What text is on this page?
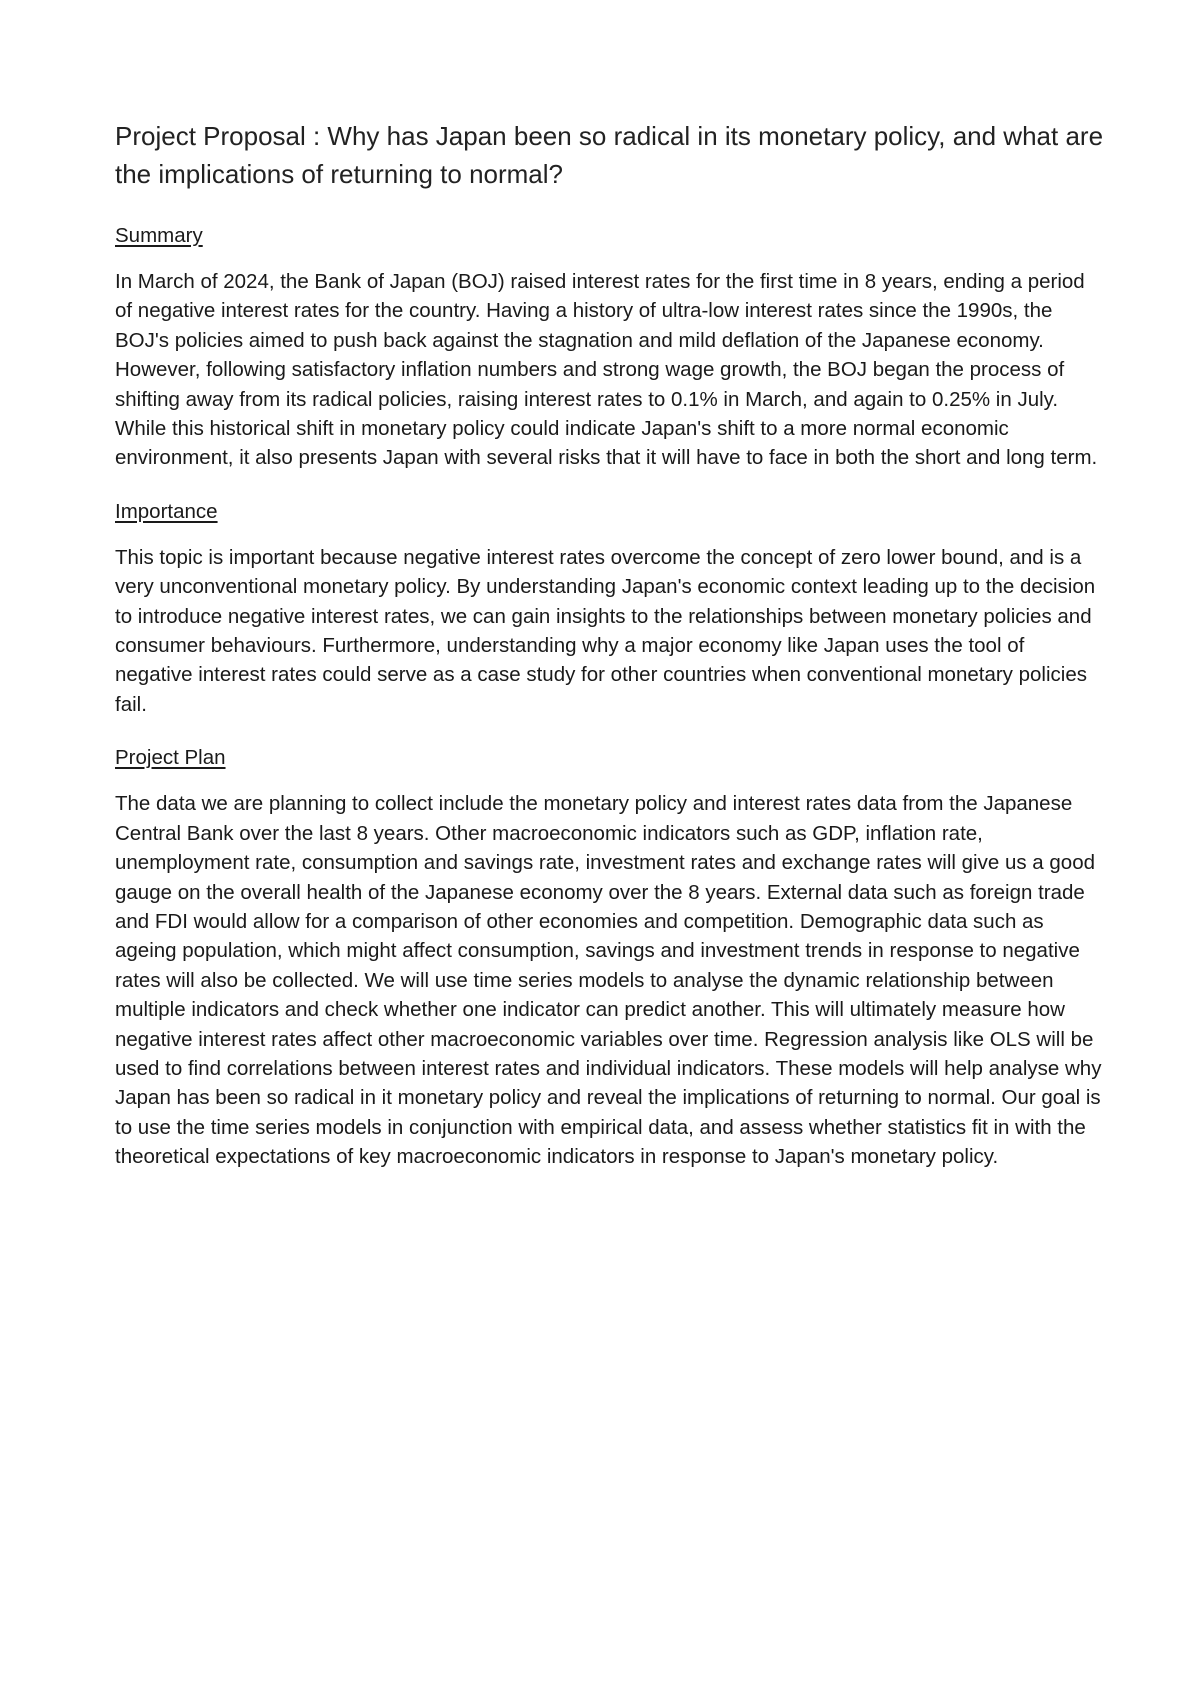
Project Proposal : Why has Japan been so radical in its monetary policy, and what are the implications of returning to normal?
Summary

In March of 2024, the Bank of Japan (BOJ) raised interest rates for the first time in 8 years, ending a period of negative interest rates for the country. Having a history of ultra-low interest rates since the 1990s, the BOJ's policies aimed to push back against the stagnation and mild deflation of the Japanese economy. However, following satisfactory inflation numbers and strong wage growth, the BOJ began the process of shifting away from its radical policies, raising interest rates to 0.1% in March, and again to 0.25% in July. While this historical shift in monetary policy could indicate Japan's shift to a more normal economic environment, it also presents Japan with several risks that it will have to face in both the short and long term.

Importance

This topic is important because negative interest rates overcome the concept of zero lower bound, and is a very unconventional monetary policy. By understanding Japan's economic context leading up to the decision to introduce negative interest rates, we can gain insights to the relationships between monetary policies and consumer behaviours. Furthermore, understanding why a major economy like Japan uses the tool of negative interest rates could serve as a case study for other countries when conventional monetary policies fail.

Project Plan

The data we are planning to collect include the monetary policy and interest rates data from the Japanese Central Bank over the last 8 years. Other macroeconomic indicators such as GDP, inflation rate, unemployment rate, consumption and savings rate, investment rates and exchange rates will give us a good gauge on the overall health of the Japanese economy over the 8 years. External data such as foreign trade and FDI would allow for a comparison of other economies and competition. Demographic data such as ageing population, which might affect consumption, savings and investment trends in response to negative rates will also be collected. We will use time series models to analyse the dynamic relationship between multiple indicators and check whether one indicator can predict another. This will ultimately measure how negative interest rates affect other macroeconomic variables over time. Regression analysis like OLS will be used to find correlations between interest rates and individual indicators. These models will help analyse why Japan has been so radical in it monetary policy and reveal the implications of returning to normal. Our goal is to use the time series models in conjunction with empirical data, and assess whether statistics fit in with the theoretical expectations of key macroeconomic indicators in response to Japan's monetary policy.
